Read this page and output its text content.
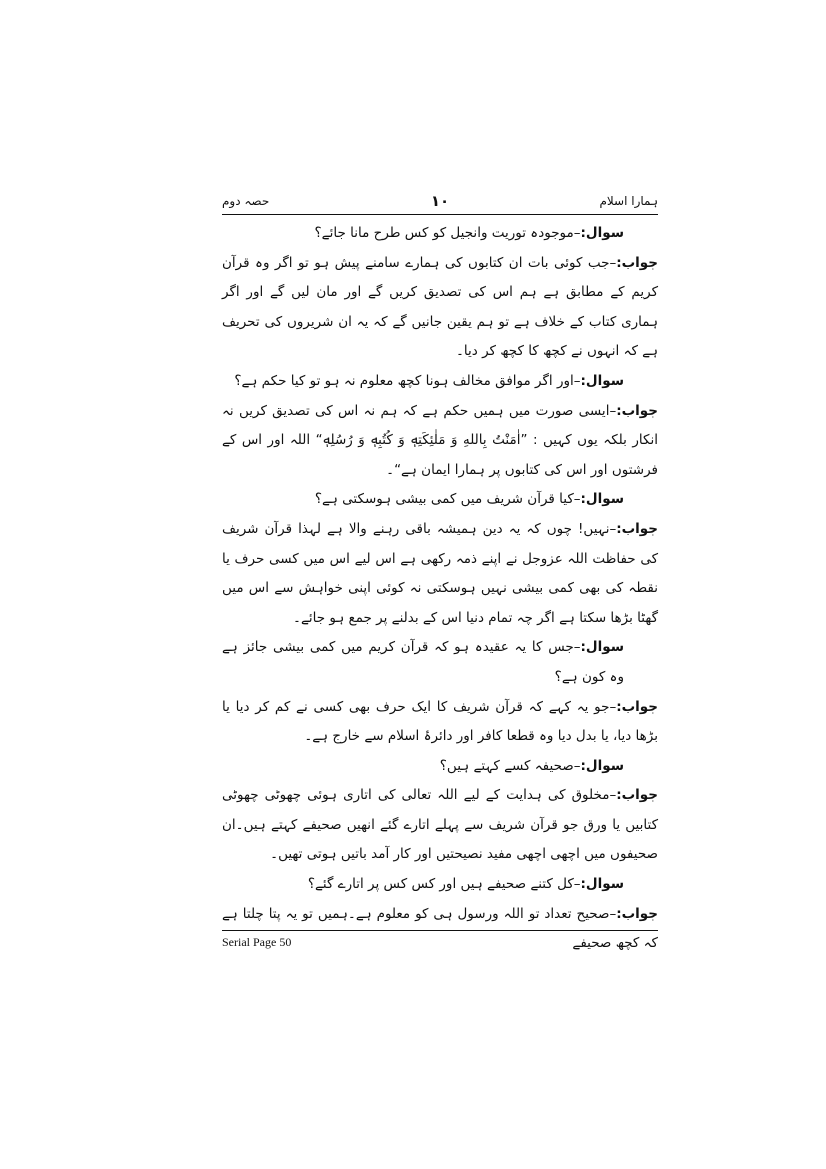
ہمارا اسلام
۱۰
حصہ دوم

سوال:–موجودہ توریت وانجیل کو کس طرح مانا جائے؟

جواب:–جب کوئی بات ان کتابوں کی ہمارے سامنے پیش ہو تو اگر وہ قرآن کریم کے مطابق ہے ہم اس کی تصدیق کریں گے اور مان لیں گے اور اگر ہماری کتاب کے خلاف ہے تو ہم یقین جانیں گے کہ یہ ان شریروں کی تحریف ہے کہ انہوں نے کچھ کا کچھ کر دیا۔

سوال:–اور اگر موافق مخالف ہونا کچھ معلوم نہ ہو تو کیا حکم ہے؟

جواب:–ایسی صورت میں ہمیں حکم ہے کہ ہم نہ اس کی تصدیق کریں نہ انکار بلکہ یوں کہیں : ”اٰمَنْتُ بِاللهِ وَ مَلٰئِكَتِهٖ وَ كُتُبِهٖ وَ رُسُلِهٖ“ اللہ اور اس کے فرشتوں اور اس کی کتابوں پر ہمارا ایمان ہے“۔

سوال:–کیا قرآن شریف میں کمی بیشی ہوسکتی ہے؟

جواب:–نہیں! چوں کہ یہ دین ہمیشہ باقی رہنے والا ہے لہذا قرآن شریف کی حفاظت اللہ عزوجل نے اپنے ذمہ رکھی ہے اس لیے اس میں کسی حرف یا نقطہ کی بھی کمی بیشی نہیں ہوسکتی نہ کوئی اپنی خواہش سے اس میں گھٹا بڑھا سکتا ہے اگر چہ تمام دنیا اس کے بدلنے پر جمع ہو جائے۔

سوال:–جس کا یہ عقیدہ ہو کہ قرآن کریم میں کمی بیشی جائز ہے وہ کون ہے؟

جواب:–جو یہ کہے کہ قرآن شریف کا ایک حرف بھی کسی نے کم کر دیا یا بڑھا دیا، یا بدل دیا وہ قطعا کافر اور دائرۂ اسلام سے خارج ہے۔

سوال:–صحیفہ کسے کہتے ہیں؟

جواب:–مخلوق کی ہدایت کے لیے اللہ تعالی کی اتاری ہوئی چھوٹی چھوٹی کتابیں یا ورق جو قرآن شریف سے پہلے اتارے گئے انھیں صحیفے کہتے ہیں۔ان صحیفوں میں اچھی اچھی مفید نصیحتیں اور کار آمد باتیں ہوتی تھیں۔

سوال:–کل کتنے صحیفے ہیں اور کس کس پر اتارے گئے؟

جواب:–صحیح تعداد تو اللہ ورسول ہی کو معلوم ہے۔ہمیں تو یہ پتا چلتا ہے کہ کچھ صحیفے

Serial Page 50
